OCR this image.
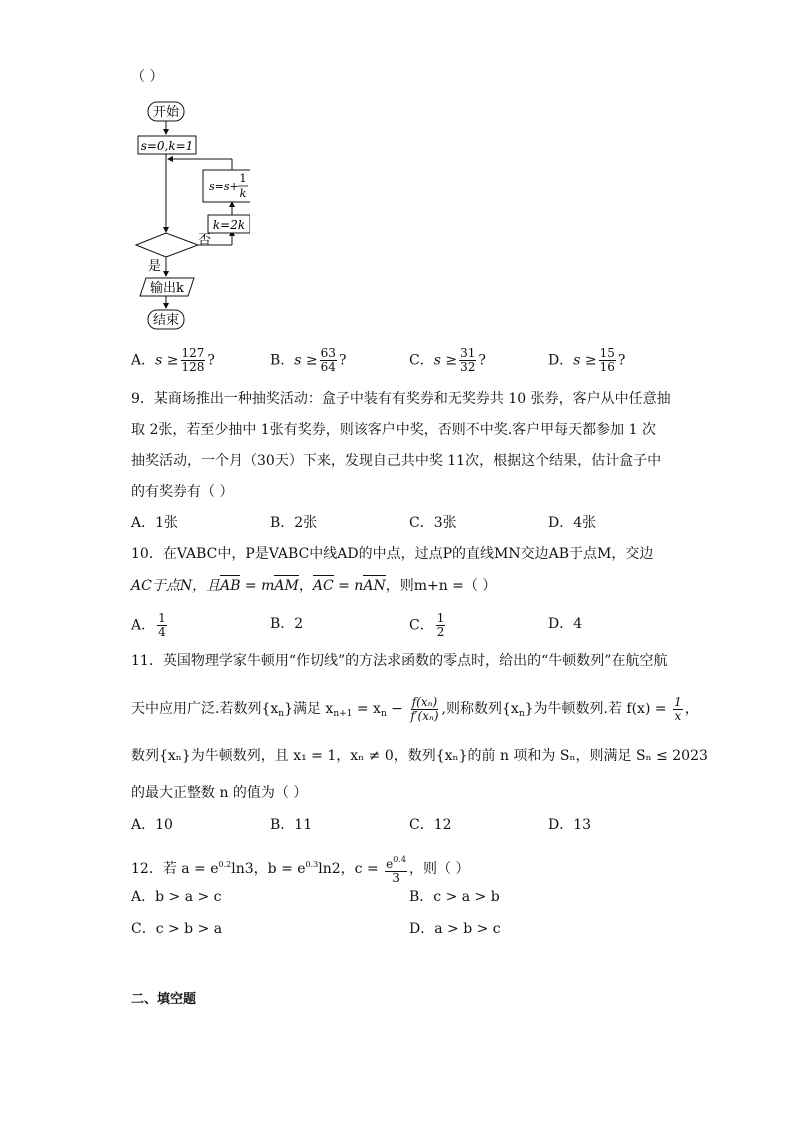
（ ）
开始
s=0,k=1
否
k=2k
s=s+
1
k
是
输出k
结束
A．$s \ge \frac{127}{128}$ ?	B．$s \ge \frac{63}{64}$ ?	C．$s \ge \frac{31}{32}$ ?	D．$s \ge \frac{15}{16}$ ?
9．某商场推出一种抽奖活动：盒子中装有有奖券和无奖券共 10 张券，客户从中任意抽
取 2张，若至少抽中 1张有奖券，则该客户中奖，否则不中奖.客户甲每天都参加 1 次
抽奖活动，一个月（30天）下来，发现自己共中奖 11次，根据这个结果，估计盒子中
的有奖券有（ ）
A．1张	B．2张	C．3张	D．4张
10．在VABC中，P是VABC中线AD的中点，过点P的直线MN交边AB于点M，交边
AC于点N，且AB = mAM，AC = nAN，则m+n =（ ）
A． $\frac{1}{4}$	B．2	C． $\frac{1}{2}$	D．4
11．英国物理学家牛顿用“作切线”的方法求函数的零点时，给出的“牛顿数列”在航空航
天中应用广泛.若数列$\{x_n\}$满足 $x_{n+1} = x_n - \frac{\text{f(xₙ)}}{\text{f′(xₙ)}}$ ,则称数列$\{x_n\}$为牛顿数列.若 $f(x) = \frac{1}{x}$ ，
数列{xₙ}为牛顿数列，且 x₁ = 1，xₙ ≠ 0，数列{xₙ}的前 n 项和为 Sₙ，则满足 Sₙ ≤ 2023
的最大正整数 n 的值为（ ）
A．10	B．11	C．12	D．13
12．若 $a = e^{0.2}\ln 3$，$b = e^{0.3}\ln 2$，$c = \frac{e^{0.4}}{3}$ ，则（ ）
A．b > a > c	B．c > a > b
C．c > b > a	D．a > b > c
二、填空题
